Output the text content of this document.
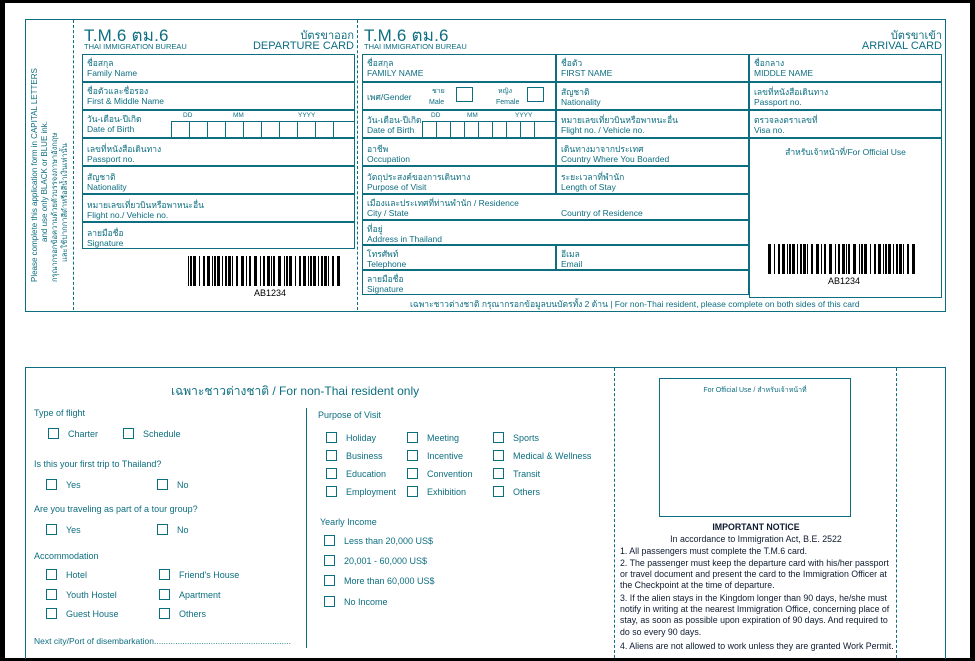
Please complete this application form in CAPITAL LETTERS and use only BLACK or BLUE ink. กรุณากรอกข้อความด้วยตัวบรรจงภาษาอังกฤษ และใช้ปากกาสีดำหรือสีน้ำเงินเท่านั้น
T.M.6 ตม.6
THAI IMMIGRATION BUREAU
บัตรขาออก
DEPARTURE CARD
ชื่อสกุล
Family Name
ชื่อตัวและชื่อรอง
First & Middle Name
วัน-เดือน-ปีเกิด
Date of Birth
DD	MM	YYYY
เลขที่หนังสือเดินทาง
Passport no.
สัญชาติ
Nationality
หมายเลขเที่ยวบินหรือพาหนะอื่น
Flight no./ Vehicle no.
ลายมือชื่อ
Signature
AB1234
T.M.6 ตม.6
THAI IMMIGRATION BUREAU
บัตรขาเข้า
ARRIVAL CARD
ชื่อสกุล
FAMILY NAME
ชื่อตัว
FIRST NAME
ชื่อกลาง
MIDDLE NAME
เพศ/Gender
ชาย
Male
หญิง
Female
สัญชาติ
Nationality
เลขที่หนังสือเดินทาง
Passport no.
วัน-เดือน-ปีเกิด
Date of Birth
DD	MM	YYYY	หมายเลขเที่ยวบินหรือพาหนะอื่น
Flight no. / Vehicle no.
ตรวจลงตราเลขที่
Visa no.
อาชีพ
Occupation
เดินทางมาจากประเทศ
Country Where You Boarded
สำหรับเจ้าหน้าที่/For Official Use
วัตถุประสงค์ของการเดินทาง
Purpose of Visit
ระยะเวลาที่พำนัก
Length of Stay
เมืองและประเทศที่ท่านพำนัก / Residence
City / State	Country of Residence
ที่อยู่
Address in Thailand
โทรศัพท์
Telephone
อีเมล
Email
ลายมือชื่อ
Signature
AB1234
เฉพาะชาวต่างชาติ กรุณากรอกข้อมูลบนบัตรทั้ง 2 ด้าน | For non-Thai resident, please complete on both sides of this card
เฉพาะชาวต่างชาติ / For non-Thai resident only
Type of flight
Charter	Schedule
Is this your first trip to Thailand?
Yes	No
Are you traveling as part of a tour group?
Yes	No
Accommodation
Hotel	Friend's House
Youth Hostel	Apartment
Guest House	Others
Next city/Port of disembarkation..........................................................
Purpose of Visit
Holiday	Meeting	Sports
Business	Incentive	Medical & Wellness
Education	Convention	Transit
Employment	Exhibition	Others
Yearly Income
Less than 20,000 US$
20,001 - 60,000 US$
More than 60,000 US$
No Income
For Official Use / สำหรับเจ้าหน้าที่
IMPORTANT NOTICE
In accordance to Immigration Act, B.E. 2522
1. All passengers must complete the T.M.6 card.
2. The passenger must keep the departure card with his/her passport or travel document and present the card to the Immigration Officer at the Checkpoint at the time of departure.
3. If the alien stays in the Kingdom longer than 90 days, he/she must notify in writing at the nearest Immigration Office, concerning place of stay, as soon as possible upon expiration of 90 days. And required to do so every 90 days.
4. Aliens are not allowed to work unless they are granted Work Permit.
